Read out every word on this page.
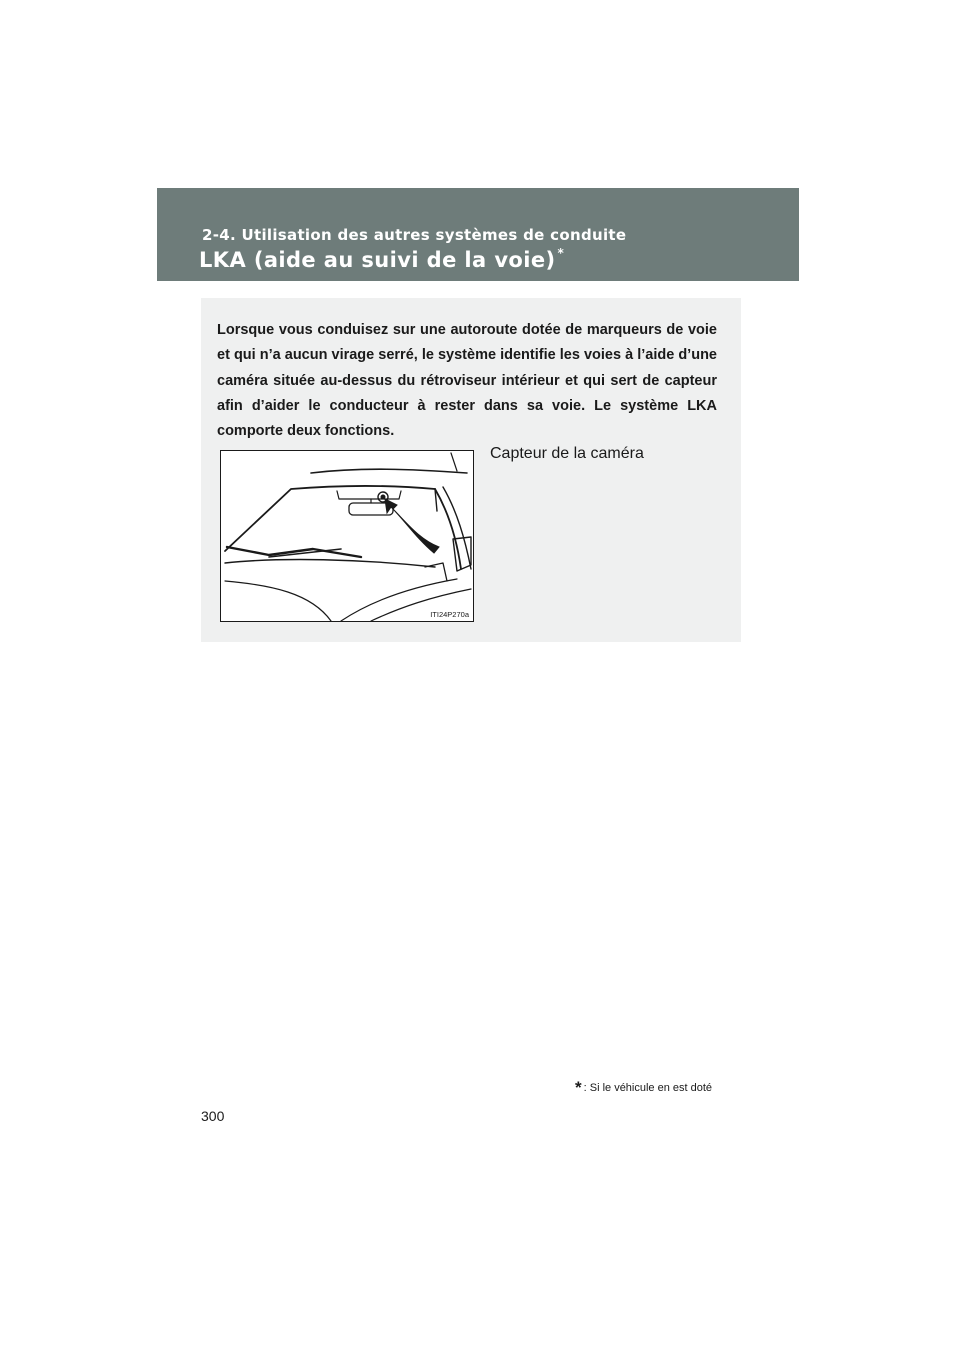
2-4. Utilisation des autres systèmes de conduite
LKA (aide au suivi de la voie) *

Lorsque vous conduisez sur une autoroute dotée de marqueurs de voie et qui n’a aucun virage serré, le système identifie les voies à l’aide d’une caméra située au-dessus du rétroviseur intérieur et qui sert de capteur afin d’aider le conducteur à rester dans sa voie. Le système LKA comporte deux fonctions.

ITI24P270a
Capteur de la caméra
* : Si le véhicule en est doté
300
